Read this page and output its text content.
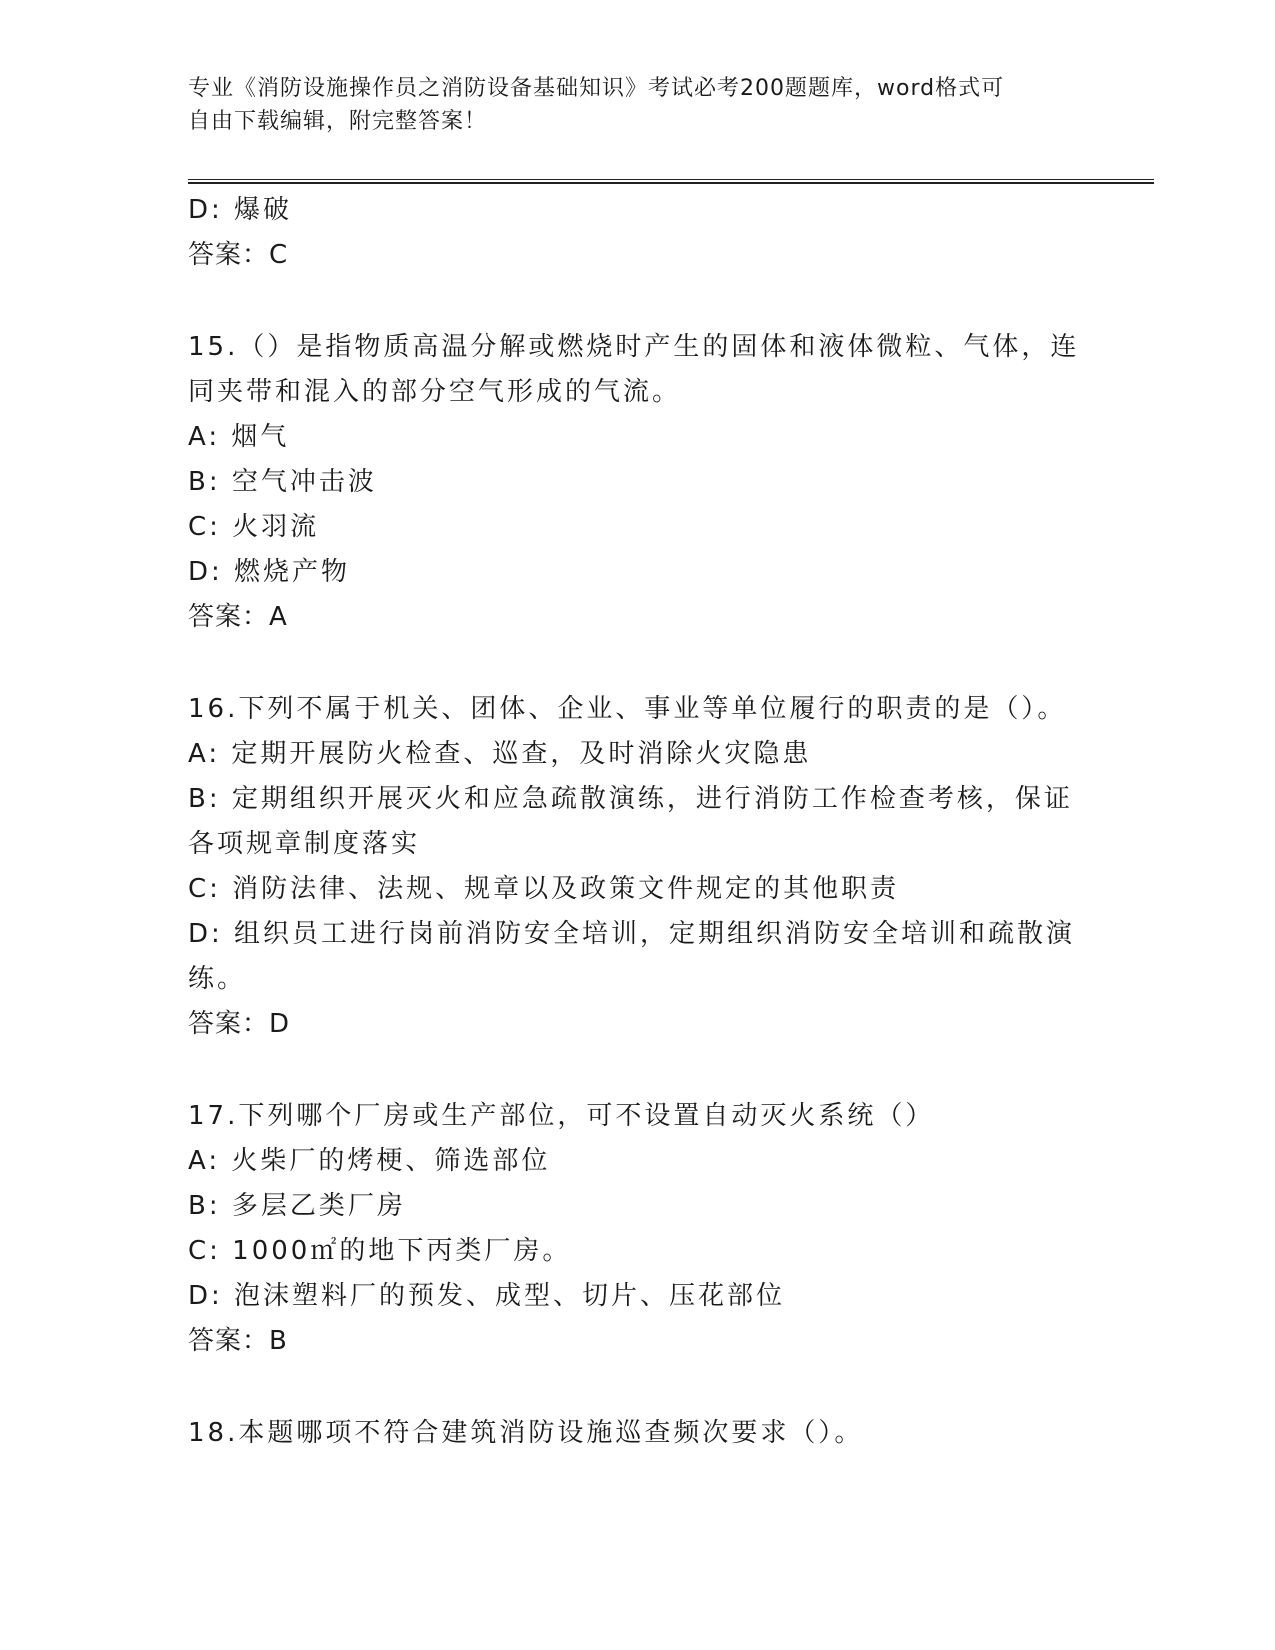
专业《消防设施操作员之消防设备基础知识》考试必考200题题库，word格式可
自由下载编辑，附完整答案！
D: 爆破
答案：C
15.（）是指物质高温分解或燃烧时产生的固体和液体微粒、气体，连
同夹带和混入的部分空气形成的气流。
A: 烟气
B: 空气冲击波
C: 火羽流
D: 燃烧产物
答案：A
16.下列不属于机关、团体、企业、事业等单位履行的职责的是（）。
A: 定期开展防火检查、巡查，及时消除火灾隐患
B: 定期组织开展灭火和应急疏散演练，进行消防工作检查考核，保证
各项规章制度落实
C: 消防法律、法规、规章以及政策文件规定的其他职责
D: 组织员工进行岗前消防安全培训，定期组织消防安全培训和疏散演
练。
答案：D
17.下列哪个厂房或生产部位，可不设置自动灭火系统（）
A: 火柴厂的烤梗、筛选部位
B: 多层乙类厂房
C: 1000㎡的地下丙类厂房。
D: 泡沫塑料厂的预发、成型、切片、压花部位
答案：B
18.本题哪项不符合建筑消防设施巡查频次要求（）。
